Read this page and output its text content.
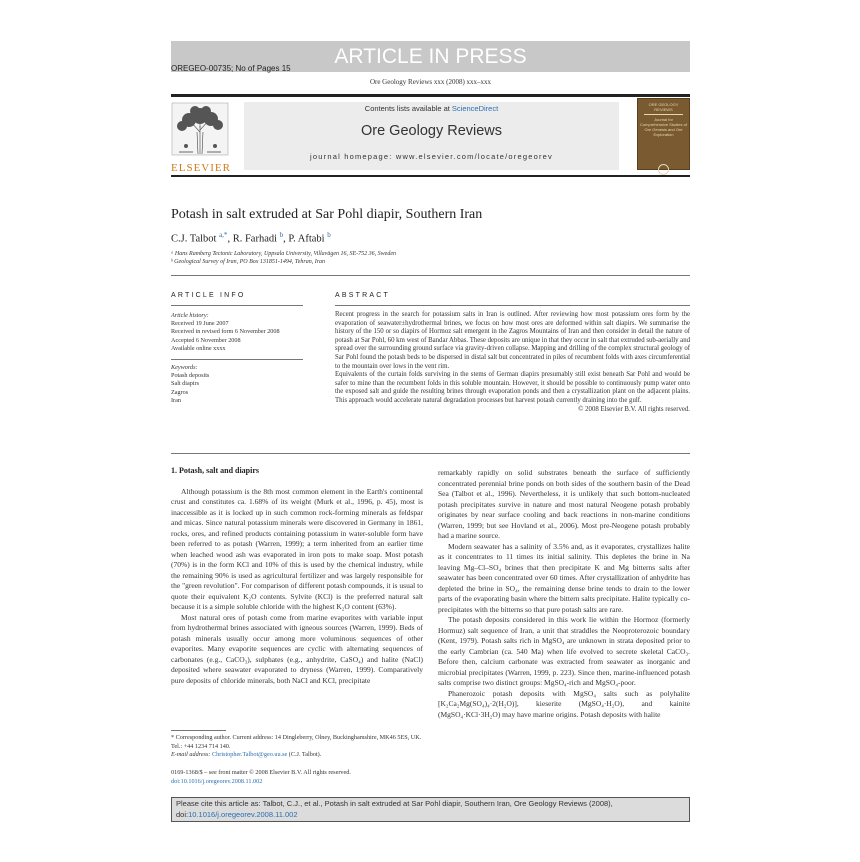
ARTICLE IN PRESS
OREGEO-00735; No of Pages 15
Ore Geology Reviews xxx (2008) xxx–xxx
ELSEVIER
Contents lists available at ScienceDirect
Ore Geology Reviews
journal homepage: www.elsevier.com/locate/oregeorev
ORE GEOLOGY
REVIEWS
Journal for Comprehensive Studies of
Ore Genesis and Ore Exploration
Potash in salt extruded at Sar Pohl diapir, Southern Iran
C.J. Talbot $^{a,*}$, R. Farhadi $^b$, P. Aftabi $^b$
ᵃ Hans Ramberg Tectonic Laboratory, Uppsala University, Villavägen 16, SE-752 36, Sweden
ᵇ Geological Survey of Iran, PO Box 131851-1494, Tehran, Iran
ARTICLE INFO
Article history:
Received 19 June 2007
Received in revised form 6 November 2008
Accepted 6 November 2008
Available online xxxx
Keywords:
Potash deposits
Salt diapirs
Zagros
Iran
ABSTRACT
Recent progress in the search for potassium salts in Iran is outlined. After reviewing how most potassium ores form by the evaporation of seawater±hydrothermal brines, we focus on how most ores are deformed within salt diapirs. We summarise the history of the 150 or so diapirs of Hormoz salt emergent in the Zagros Mountains of Iran and then consider in detail the nature of potash at Sar Pohl, 60 km west of Bandar Abbas. These deposits are unique in that they occur in salt that extruded sub-aerially and spread over the surrounding ground surface via gravity-driven collapse. Mapping and drilling of the complex structural geology of Sar Pohl found the potash beds to be dispersed in distal salt but concentrated in piles of recumbent folds with axes circumferential to the mountain over lows in the vent rim.
Equivalents of the curtain folds surviving in the stems of German diapirs presumably still exist beneath Sar Pohl and would be safer to mine than the recumbent folds in this soluble mountain. However, it should be possible to continuously pump water onto the exposed salt and guide the resulting brines through evaporation ponds and then a crystallization plant on the adjacent plains. This approach would accelerate natural degradation processes but harvest potash currently draining into the gulf.
© 2008 Elsevier B.V. All rights reserved.
1. Potash, salt and diapirs

Although potassium is the 8th most common element in the Earth's continental crust and constitutes ca. 1.68% of its weight (Murk et al., 1996, p. 45), most is inaccessible as it is locked up in such common rock-forming minerals as feldspar and micas. Since natural potassium minerals were discovered in Germany in 1861, rocks, ores, and refined products containing potassium in water-soluble form have been referred to as potash (Warren, 1999); a term inherited from an earlier time when leached wood ash was evaporated in iron pots to make soap. Most potash (70%) is in the form KCl and 10% of this is used by the chemical industry, while the remaining 90% is used as agricultural fertilizer and was largely responsible for the "green revolution". For comparison of different potash compounds, it is usual to quote their equivalent K₂O contents. Sylvite (KCl) is the preferred natural salt because it is a simple soluble chloride with the highest K₂O content (63%).

Most natural ores of potash come from marine evaporites with variable input from hydrothermal brines associated with igneous sources (Warren, 1999). Beds of potash minerals usually occur among more voluminous sequences of other evaporites. Many evaporite sequences are cyclic with alternating sequences of carbonates (e.g., CaCO₃), sulphates (e.g., anhydrite, CaSO₄) and halite (NaCl) deposited where seawater evaporated to dryness (Warren, 1999). Comparatively pure deposits of chloride minerals, both NaCl and KCl, precipitate

* Corresponding author. Current address: 14 Dingleberry, Olney, Buckinghamshire, MK46 5ES, UK. Tel.: +44 1234 714 140.
E-mail address: Christopher.Talbot@geo.uu.se (C.J. Talbot).
0169-1368/$ – see front matter © 2008 Elsevier B.V. All rights reserved.
doi:10.1016/j.oregeorev.2008.11.002

remarkably rapidly on solid substrates beneath the surface of sufficiently concentrated perennial brine ponds on both sides of the southern basin of the Dead Sea (Talbot et al., 1996). Nevertheless, it is unlikely that such bottom-nucleated potash precipitates survive in nature and most natural Neogene potash probably originates by near surface cooling and back reactions in non-marine conditions (Warren, 1999; but see Hovland et al., 2006). Most pre-Neogene potash probably had a marine source.

Modern seawater has a salinity of 3.5% and, as it evaporates, crystallizes halite as it concentrates to 11 times its initial salinity. This depletes the brine in Na leaving Mg–Cl–SO₄ brines that then precipitate K and Mg bitterns salts after seawater has been concentrated over 60 times. After crystallization of anhydrite has depleted the brine in SO₄, the remaining dense brine tends to drain to the lower parts of the evaporating basin where the bittern salts precipitate. Halite typically co-precipitates with the bitterns so that pure potash salts are rare.

The potash deposits considered in this work lie within the Hormoz (formerly Hormuz) salt sequence of Iran, a unit that straddles the Neoproterozoic boundary (Kent, 1979). Potash salts rich in MgSO₄ are unknown in strata deposited prior to the early Cambrian (ca. 540 Ma) when life evolved to secrete skeletal CaCO₃. Before then, calcium carbonate was extracted from seawater as inorganic and microbial precipitates (Warren, 1999, p. 223). Since then, marine-influenced potash salts comprise two distinct groups: MgSO₄-rich and MgSO₄-poor.

Phanerozoic potash deposits with MgSO₄ salts such as polyhalite [K₂Ca₂Mg(SO₄)₄·2(H₂O)], kieserite (MgSO₄·H₂O), and kainite (MgSO₄·KCl·3H₂O) may have marine origins. Potash deposits with halite

Please cite this article as: Talbot, C.J., et al., Potash in salt extruded at Sar Pohl diapir, Southern Iran, Ore Geology Reviews (2008), doi:10.1016/j.oregeorev.2008.11.002
